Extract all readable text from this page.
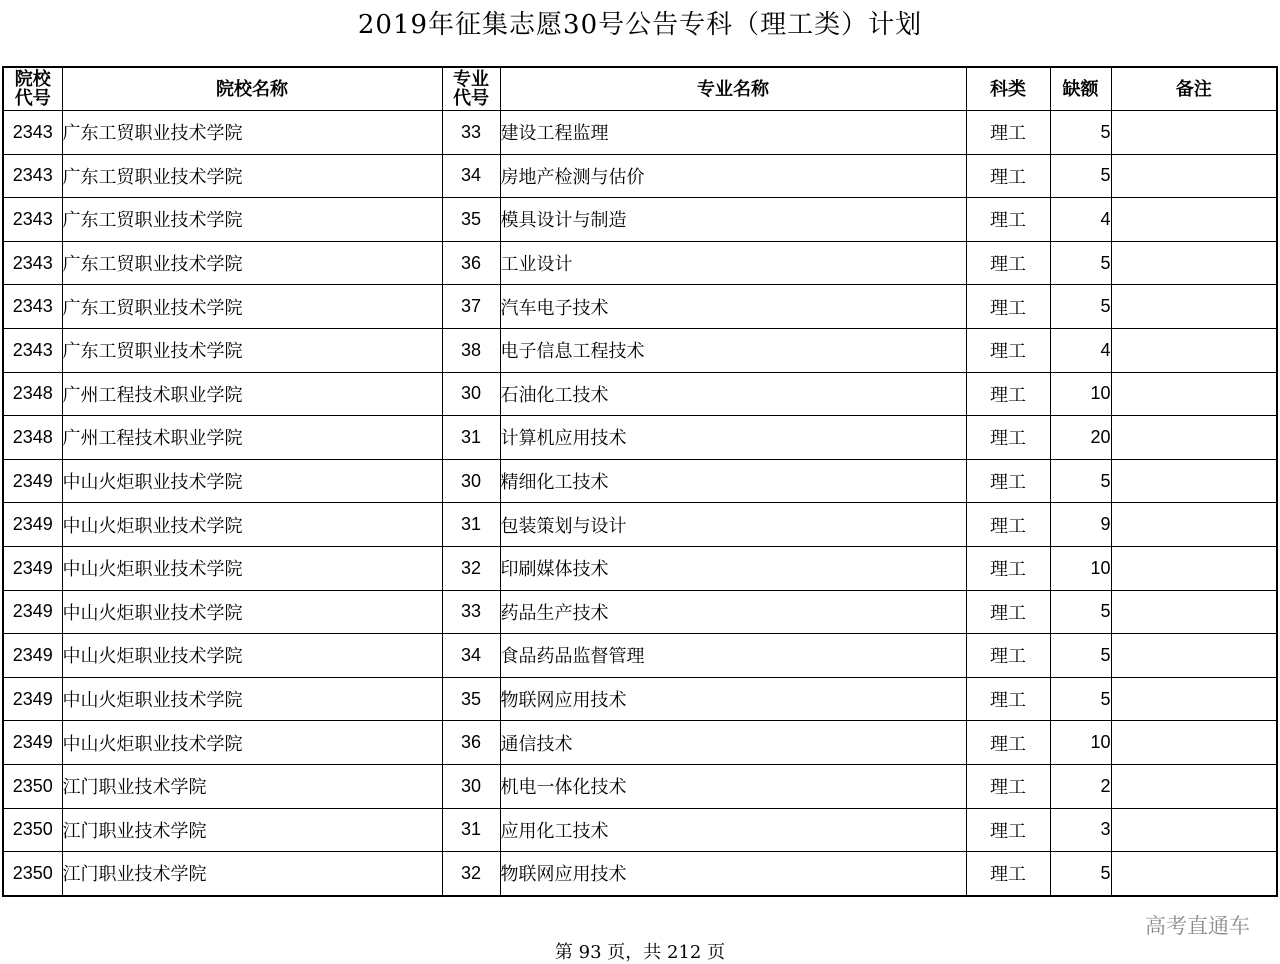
2019年征集志愿30号公告专科（理工类）计划
院校代号	院校名称	专业代号	专业名称	科类	缺额	备注
2343	广东工贸职业技术学院	33	建设工程监理	理工	5	
2343	广东工贸职业技术学院	34	房地产检测与估价	理工	5	
2343	广东工贸职业技术学院	35	模具设计与制造	理工	4	
2343	广东工贸职业技术学院	36	工业设计	理工	5	
2343	广东工贸职业技术学院	37	汽车电子技术	理工	5	
2343	广东工贸职业技术学院	38	电子信息工程技术	理工	4	
2348	广州工程技术职业学院	30	石油化工技术	理工	10	
2348	广州工程技术职业学院	31	计算机应用技术	理工	20	
2349	中山火炬职业技术学院	30	精细化工技术	理工	5	
2349	中山火炬职业技术学院	31	包装策划与设计	理工	9	
2349	中山火炬职业技术学院	32	印刷媒体技术	理工	10	
2349	中山火炬职业技术学院	33	药品生产技术	理工	5	
2349	中山火炬职业技术学院	34	食品药品监督管理	理工	5	
2349	中山火炬职业技术学院	35	物联网应用技术	理工	5	
2349	中山火炬职业技术学院	36	通信技术	理工	10	
2350	江门职业技术学院	30	机电一体化技术	理工	2	
2350	江门职业技术学院	31	应用化工技术	理工	3	
2350	江门职业技术学院	32	物联网应用技术	理工	5	
高考直通车
第 93 页，共 212 页
